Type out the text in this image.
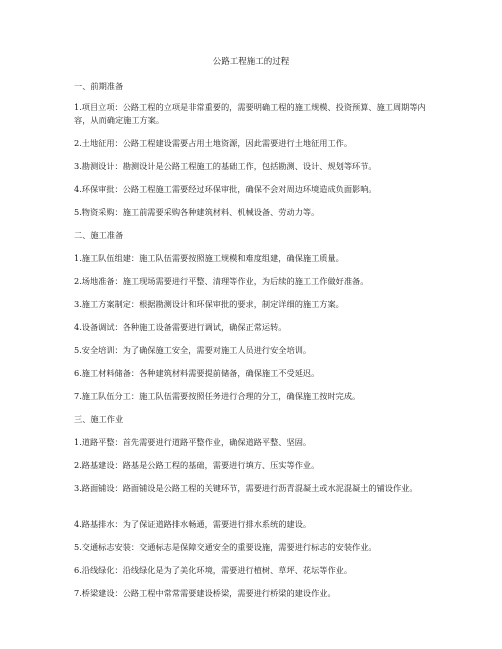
公路工程施工的过程
一、前期准备
1.项目立项：公路工程的立项是非常重要的，需要明确工程的施工规模、投资预算、施工周期等内容，从而确定施工方案。
2.土地征用：公路工程建设需要占用土地资源，因此需要进行土地征用工作。
3.勘测设计：勘测设计是公路工程施工的基础工作，包括勘测、设计、规划等环节。
4.环保审批：公路工程施工需要经过环保审批，确保不会对周边环境造成负面影响。
5.物资采购：施工前需要采购各种建筑材料、机械设备、劳动力等。
二、施工准备
1.施工队伍组建：施工队伍需要按照施工规模和难度组建，确保施工质量。
2.场地准备：施工现场需要进行平整、清理等作业，为后续的施工工作做好准备。
3.施工方案制定：根据勘测设计和环保审批的要求，制定详细的施工方案。
4.设备调试：各种施工设备需要进行调试，确保正常运转。
5.安全培训：为了确保施工安全，需要对施工人员进行安全培训。
6.施工材料储备：各种建筑材料需要提前储备，确保施工不受延迟。
7.施工队伍分工：施工队伍需要按照任务进行合理的分工，确保施工按时完成。
三、施工作业
1.道路平整：首先需要进行道路平整作业，确保道路平整、坚固。
2.路基建设：路基是公路工程的基础，需要进行填方、压实等作业。
3.路面铺设：路面铺设是公路工程的关键环节，需要进行沥青混凝土或水泥混凝土的铺设作业。
4.路基排水：为了保证道路排水畅通，需要进行排水系统的建设。
5.交通标志安装：交通标志是保障交通安全的重要设施，需要进行标志的安装作业。
6.沿线绿化：沿线绿化是为了美化环境，需要进行植树、草坪、花坛等作业。
7.桥梁建设：公路工程中常常需要建设桥梁，需要进行桥梁的建设作业。
